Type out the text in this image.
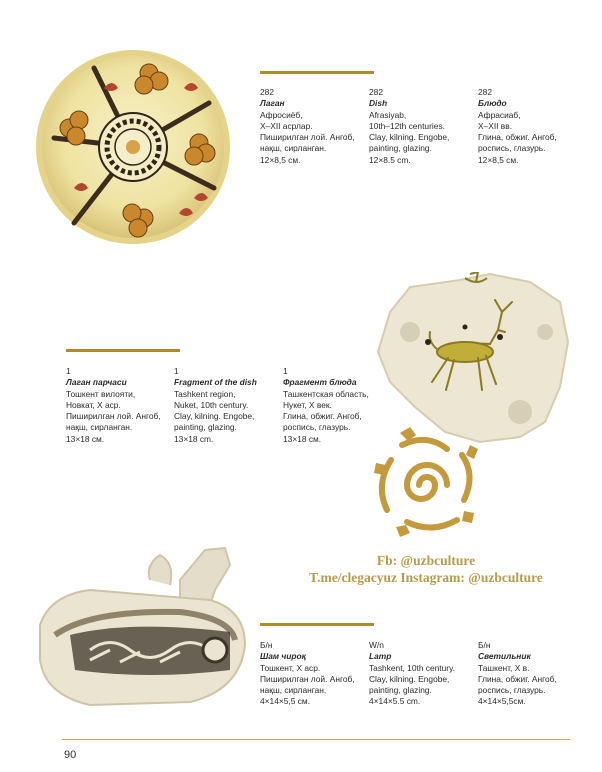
282
Лаган
Афросиёб,
X–XII асрлар.
Пиширилган лой. Ангоб,
нақш, сирланган.
12×8,5 см.
282
Dish
Afrasiyab,
10th–12th centuries.
Clay, kilning. Engobe,
painting, glazing.
12×8.5 cm.
282
Блюдо
Афрасиаб,
X–XII вв.
Глина, обжиг. Ангоб,
роспись, глазурь.
12×8,5 см.
1
Лаган парчаси
Тошкент вилояти,
Новкат, X аср.
Пиширилган лой. Ангоб,
нақш, сирланган.
13×18 см.
1
Fragment of the dish
Tashkent region,
Nuket, 10th century.
Clay, kilning. Engobe,
painting, glazing.
13×18 cm.
1
Фрагмент блюда
Ташкентская область,
Нукет, X век.
Глина, обжиг. Ангоб,
роспись, глазурь.
13×18 см.
Fb: @uzbculture
T.me/clegacyuz Instagram: @uzbculture
Б/н
Шам чироқ
Тошкент, X аср.
Пиширилган лой. Ангоб,
нақш, сирланган.
4×14×5,5 см.
W/n
Lamp
Tashkent, 10th century.
Clay, kilning. Engobe,
painting, glazing.
4×14×5.5 cm.
Б/н
Светильник
Ташкент, X в.
Глина, обжиг. Ангоб,
роспись, глазурь.
4×14×5,5см.
90
